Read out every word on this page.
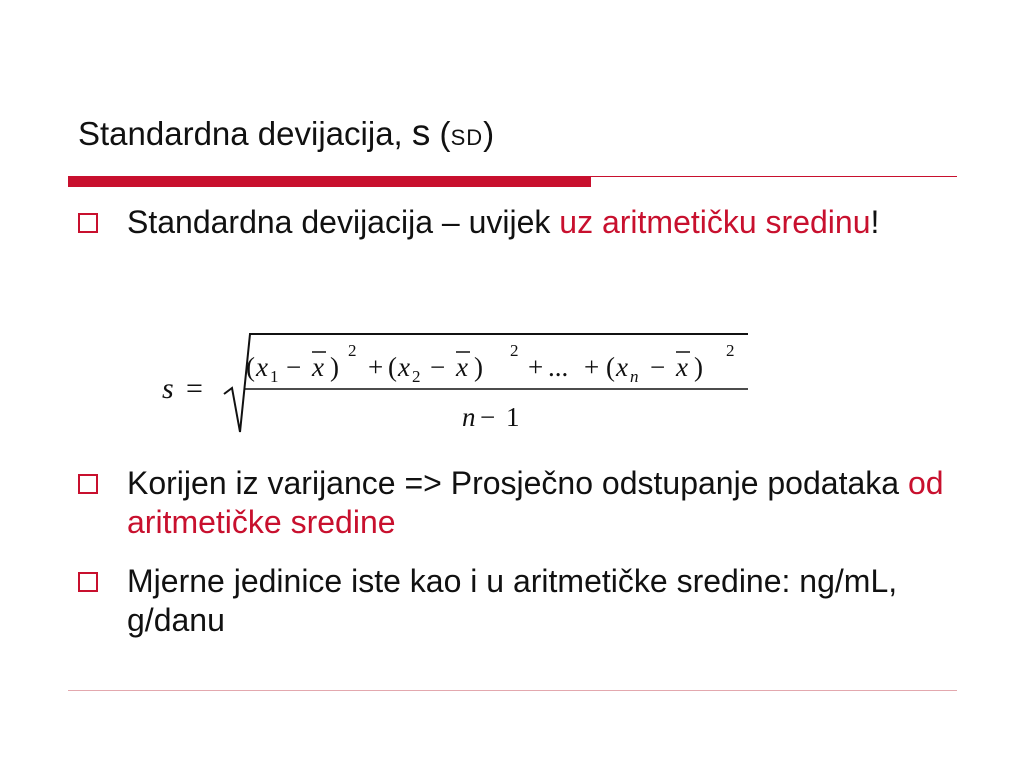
Standardna devijacija, s (SD)
Standardna devijacija – uvijek uz aritmetičku sredinu!
s =
( x 1 − x )
2
+ ( x 2 − x )
2
+ ... + ( x n − x )
2
n − 1
Korijen iz varijance => Prosječno odstupanje podataka od aritmetičke sredine
Mjerne jedinice iste kao i u aritmetičke sredine: ng/mL, g/danu
